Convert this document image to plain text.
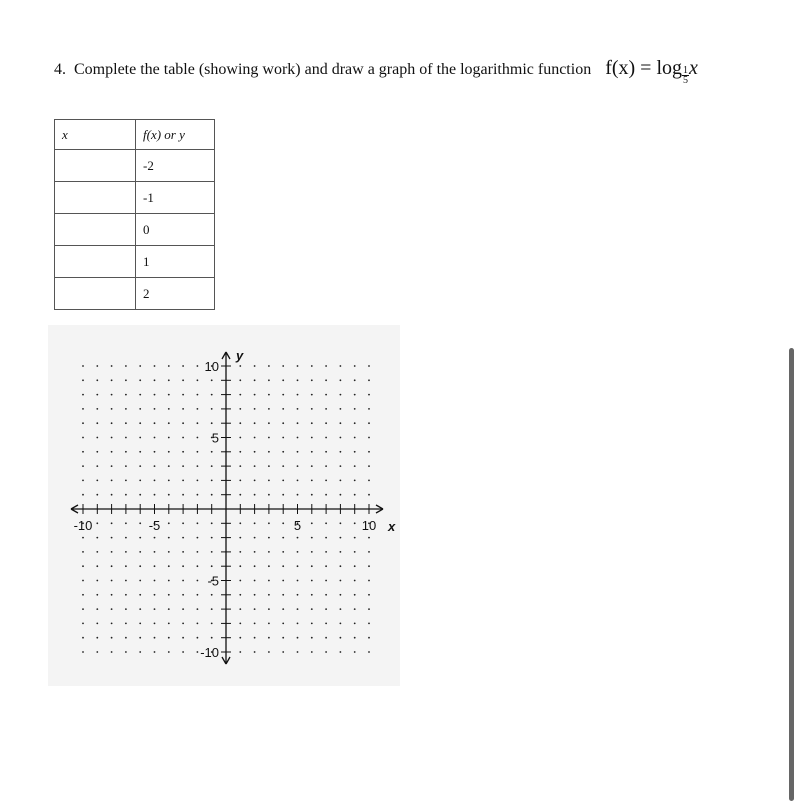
4. Complete the table (showing work) and draw a graph of the logarithmic function $f(x) = \log \frac{1}{5}$ x
x	f(x) or y
	-2
	-1
	0
	1
	2
-10	-5	5	10
10
5
-5
-10
x
y
